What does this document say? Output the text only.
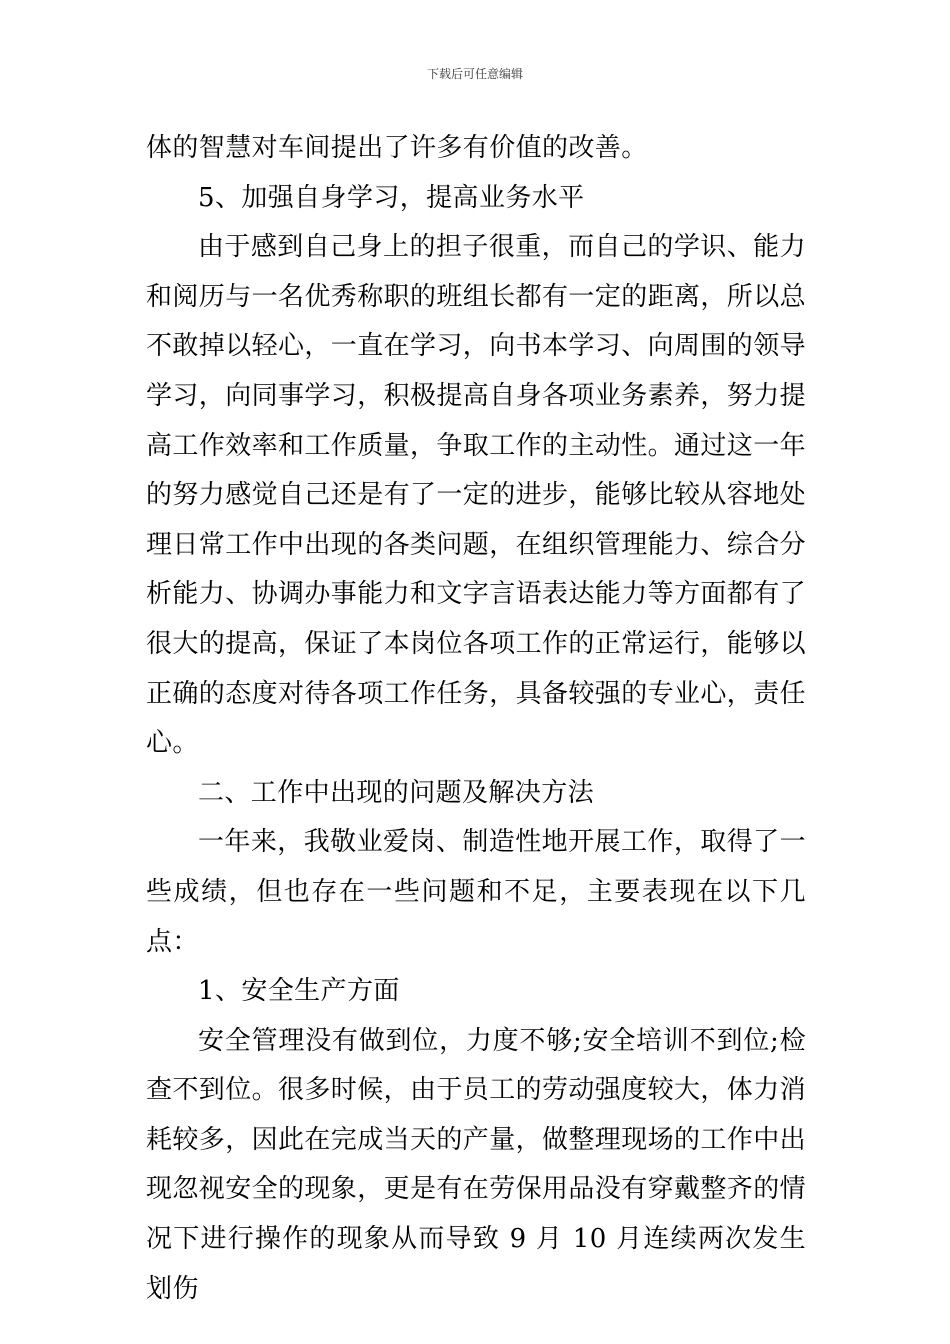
下载后可任意编辑

体的智慧对车间提出了许多有价值的改善。

5、加强自身学习，提高业务水平

由于感到自己身上的担子很重，而自己的学识、能力和阅历与一名优秀称职的班组长都有一定的距离，所以总不敢掉以轻心，一直在学习，向书本学习、向周围的领导学习，向同事学习，积极提高自身各项业务素养，努力提高工作效率和工作质量，争取工作的主动性。通过这一年的努力感觉自己还是有了一定的进步，能够比较从容地处理日常工作中出现的各类问题，在组织管理能力、综合分析能力、协调办事能力和文字言语表达能力等方面都有了很大的提高，保证了本岗位各项工作的正常运行，能够以正确的态度对待各项工作任务，具备较强的专业心，责任心。

二、工作中出现的问题及解决方法

一年来，我敬业爱岗、制造性地开展工作，取得了一些成绩，但也存在一些问题和不足，主要表现在以下几点：

1、安全生产方面

安全管理没有做到位，力度不够;安全培训不到位;检查不到位。很多时候，由于员工的劳动强度较大，体力消耗较多，因此在完成当天的产量，做整理现场的工作中出现忽视安全的现象，更是有在劳保用品没有穿戴整齐的情况下进行操作的现象从而导致 9 月 10 月连续两次发生划伤
